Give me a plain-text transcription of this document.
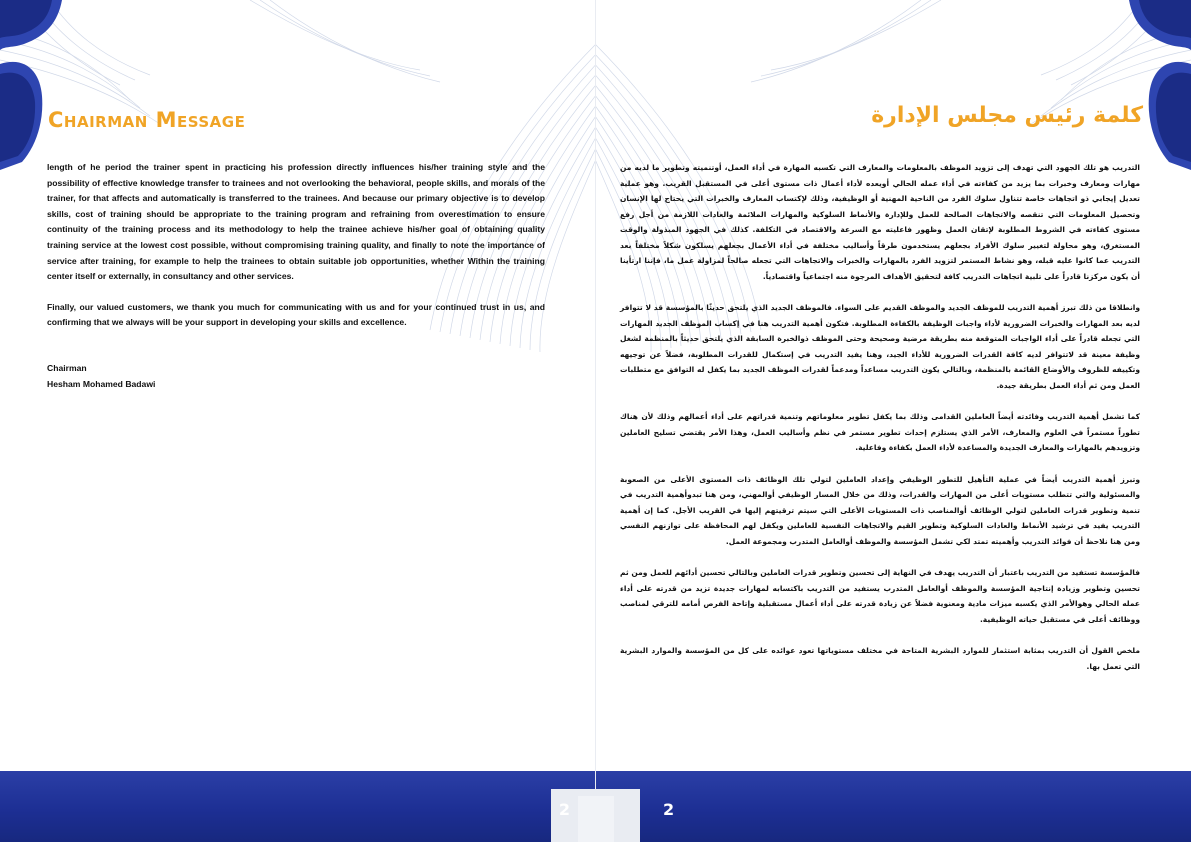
Chairman Message

length of he period the trainer spent in practicing his profession directly influences his/her training style and the possibility of effective knowledge transfer to trainees and not overlooking the behavioral, people skills, and morals of the trainer, for that affects and automatically is transferred to the trainees. And because our primary objective is to develop skills, cost of training should be appropriate to the training program and refraining from overestimation to ensure continuity of the training process and its methodology to help the trainee achieve his/her goal of obtaining quality training service at the lowest cost possible, without compromising training quality, and finally to note the importance of service after training, for example to help the trainees to obtain suitable job opportunities, whether Within the training center itself or externally, in consultancy and other services.

Finally, our valued customers, we thank you much for communicating with us and for your continued trust in us, and confirming that we always will be your support in developing your skills and excellence.

Chairman
Hesham Mohamed Badawi
2
كلمة رئيس مجلس الإدارة

التدريب هو تلك الجهود التي تهدف إلى تزويد الموظف بالمعلومات والمعارف التي تكسبه المهارة في أداء العمل، أوتنميته وتطوير ما لديه من مهارات ومعارف وخبرات بما يزيد من كفاءته في أداء عمله الحالي أويعده لأداء أعمال ذات مستوى أعلى في المستقبل القريب. وهو عملية تعديل إيجابي ذو اتجاهات خاصة تتناول سلوك الفرد من الناحية المهنية أو الوظيفية، وذلك لإكتساب المعارف والخبرات التي يحتاج لها الإنسان وتحصيل المعلومات التي تنقصه والاتجاهات الصالحة للعمل وللإدارة والأنماط السلوكية والمهارات الملائمة والعادات اللازمة من أجل رفع مستوى كفاءته في الشروط المطلوبة لإتقان العمل وظهور فاعليته مع السرعة والاقتصاد في التكلفة. كذلك في الجهود المبذولة والوقت المستغرق، وهو محاولة لتغيير سلوك الأفراد بجعلهم يستخدمون طرقاً وأساليب مختلفة في أداء الأعمال بجعلهم يسلكون شكلاً مختلفاً بعد التدريب عما كانوا عليه قبله، وهو نشاط المستمر لتزويد الفرد بالمهارات والخبرات والاتجاهات التي تجعله صالحاً لمزاولة عمل ما، فإننا ارتأينا أن يكون مركزنا قادراً على تلبية اتجاهات التدريب كافة لتحقيق الأهداف المرجوة منه اجتماعياً واقتصادياً.

وانطلاقا من ذلك تبرز أهمية التدريب للموظف الجديد والموظف القديم على السواء. فالموظف الجديد الذي يلتحق حديثًا بالمؤسسة قد لا تتوافر لديه بعد المهارات والخبرات الضرورية لأداء واجبات الوظيفة بالكفاءة المطلوبة. فتكون أهمية التدريب هنا في إكساب الموظف الجديد المهارات التي تجعله قادراً على أداء الواجبات المتوقعة منه بطريقة مرضية وصحيحة وحتى الموظف ذوالخبرة السابقة الذي يلتحق حديثاً بالمنظمة لشغل وظيفة معينة قد لاتتوافر لديه كافة القدرات الضرورية للأداء الجيد، وهنا يفيد التدريب في إستكمال للقدرات المطلوبة، فضلاً عن توجيهه وتكييفه للظروف والأوضاع القائمة بالمنظمة، وبالتالي يكون التدريب مساعداً ومدعماً لقدرات الموظف الجديد بما يكفل له التوافق مع متطلبات العمل ومن ثم أداء العمل بطريقة جيدة.

كما تشمل أهمية التدريب وفائدته أيضاً العاملين القدامى وذلك بما يكفل تطوير معلوماتهم وتنمية قدراتهم على أداء أعمالهم وذلك لأن هناك تطوراً مستمراً في العلوم والمعارف، الأمر الذي يستلزم إحداث تطوير مستمر في نظم وأساليب العمل، وهذا الأمر يقتضي تسليح العاملين وتزويدهم بالمهارات والمعارف الجديدة والمساعدة لأداء العمل بكفاءة وفاعلية.

وتبرز أهمية التدريب أيضاً في عملية التأهيل للتطور الوظيفي وإعداد العاملين لتولي تلك الوظائف ذات المستوى الأعلى من الصعوبة والمسئولية والتي تتطلب مستويات أعلى من المهارات والقدرات، وذلك من خلال المسار الوظيفي أوالمهني، ومن هنا تبدوأهمية التدريب في تنمية وتطوير قدرات العاملين لتولي الوظائف أوالمناصب ذات المستويات الأعلى التي سيتم ترقيتهم إليها في القريب الأجل. كما إن أهمية التدريب يفيد في ترشيد الأنماط والعادات السلوكية وتطوير القيم والاتجاهات النفسية للعاملين ويكفل لهم المحافظة على توازنهم النفسي ومن هنا نلاحظ أن فوائد التدريب وأهميته تمتد لكي تشمل المؤسسة والموظف أوالعامل المتدرب ومجموعة العمل.

فالمؤسسة تستفيد من التدريب باعتبار أن التدريب يهدف في النهاية إلى تحسين وتطوير قدرات العاملين وبالتالي تحسين أدائهم للعمل ومن ثم تحسين وتطوير وزيادة إنتاجية المؤسسة والموظف أوالعامل المتدرب يستفيد من التدريب باكتسابه لمهارات جديدة تزيد من قدرته على أداء عمله الحالي وهوالأمر الذي يكسبه ميزات مادية ومعنوية فضلاً عن زيادة قدرته على أداء أعمال مستقبلية وإتاحة الفرص أمامه للترقي لمناصب ووظائف أعلى في مستقبل حياته الوظيفية.

ملخص القول أن التدريب بمثابة استثمار للموارد البشرية المتاحة في مختلف مستوياتها تعود عوائده على كل من المؤسسة والموارد البشرية التي تعمل بها.

2
